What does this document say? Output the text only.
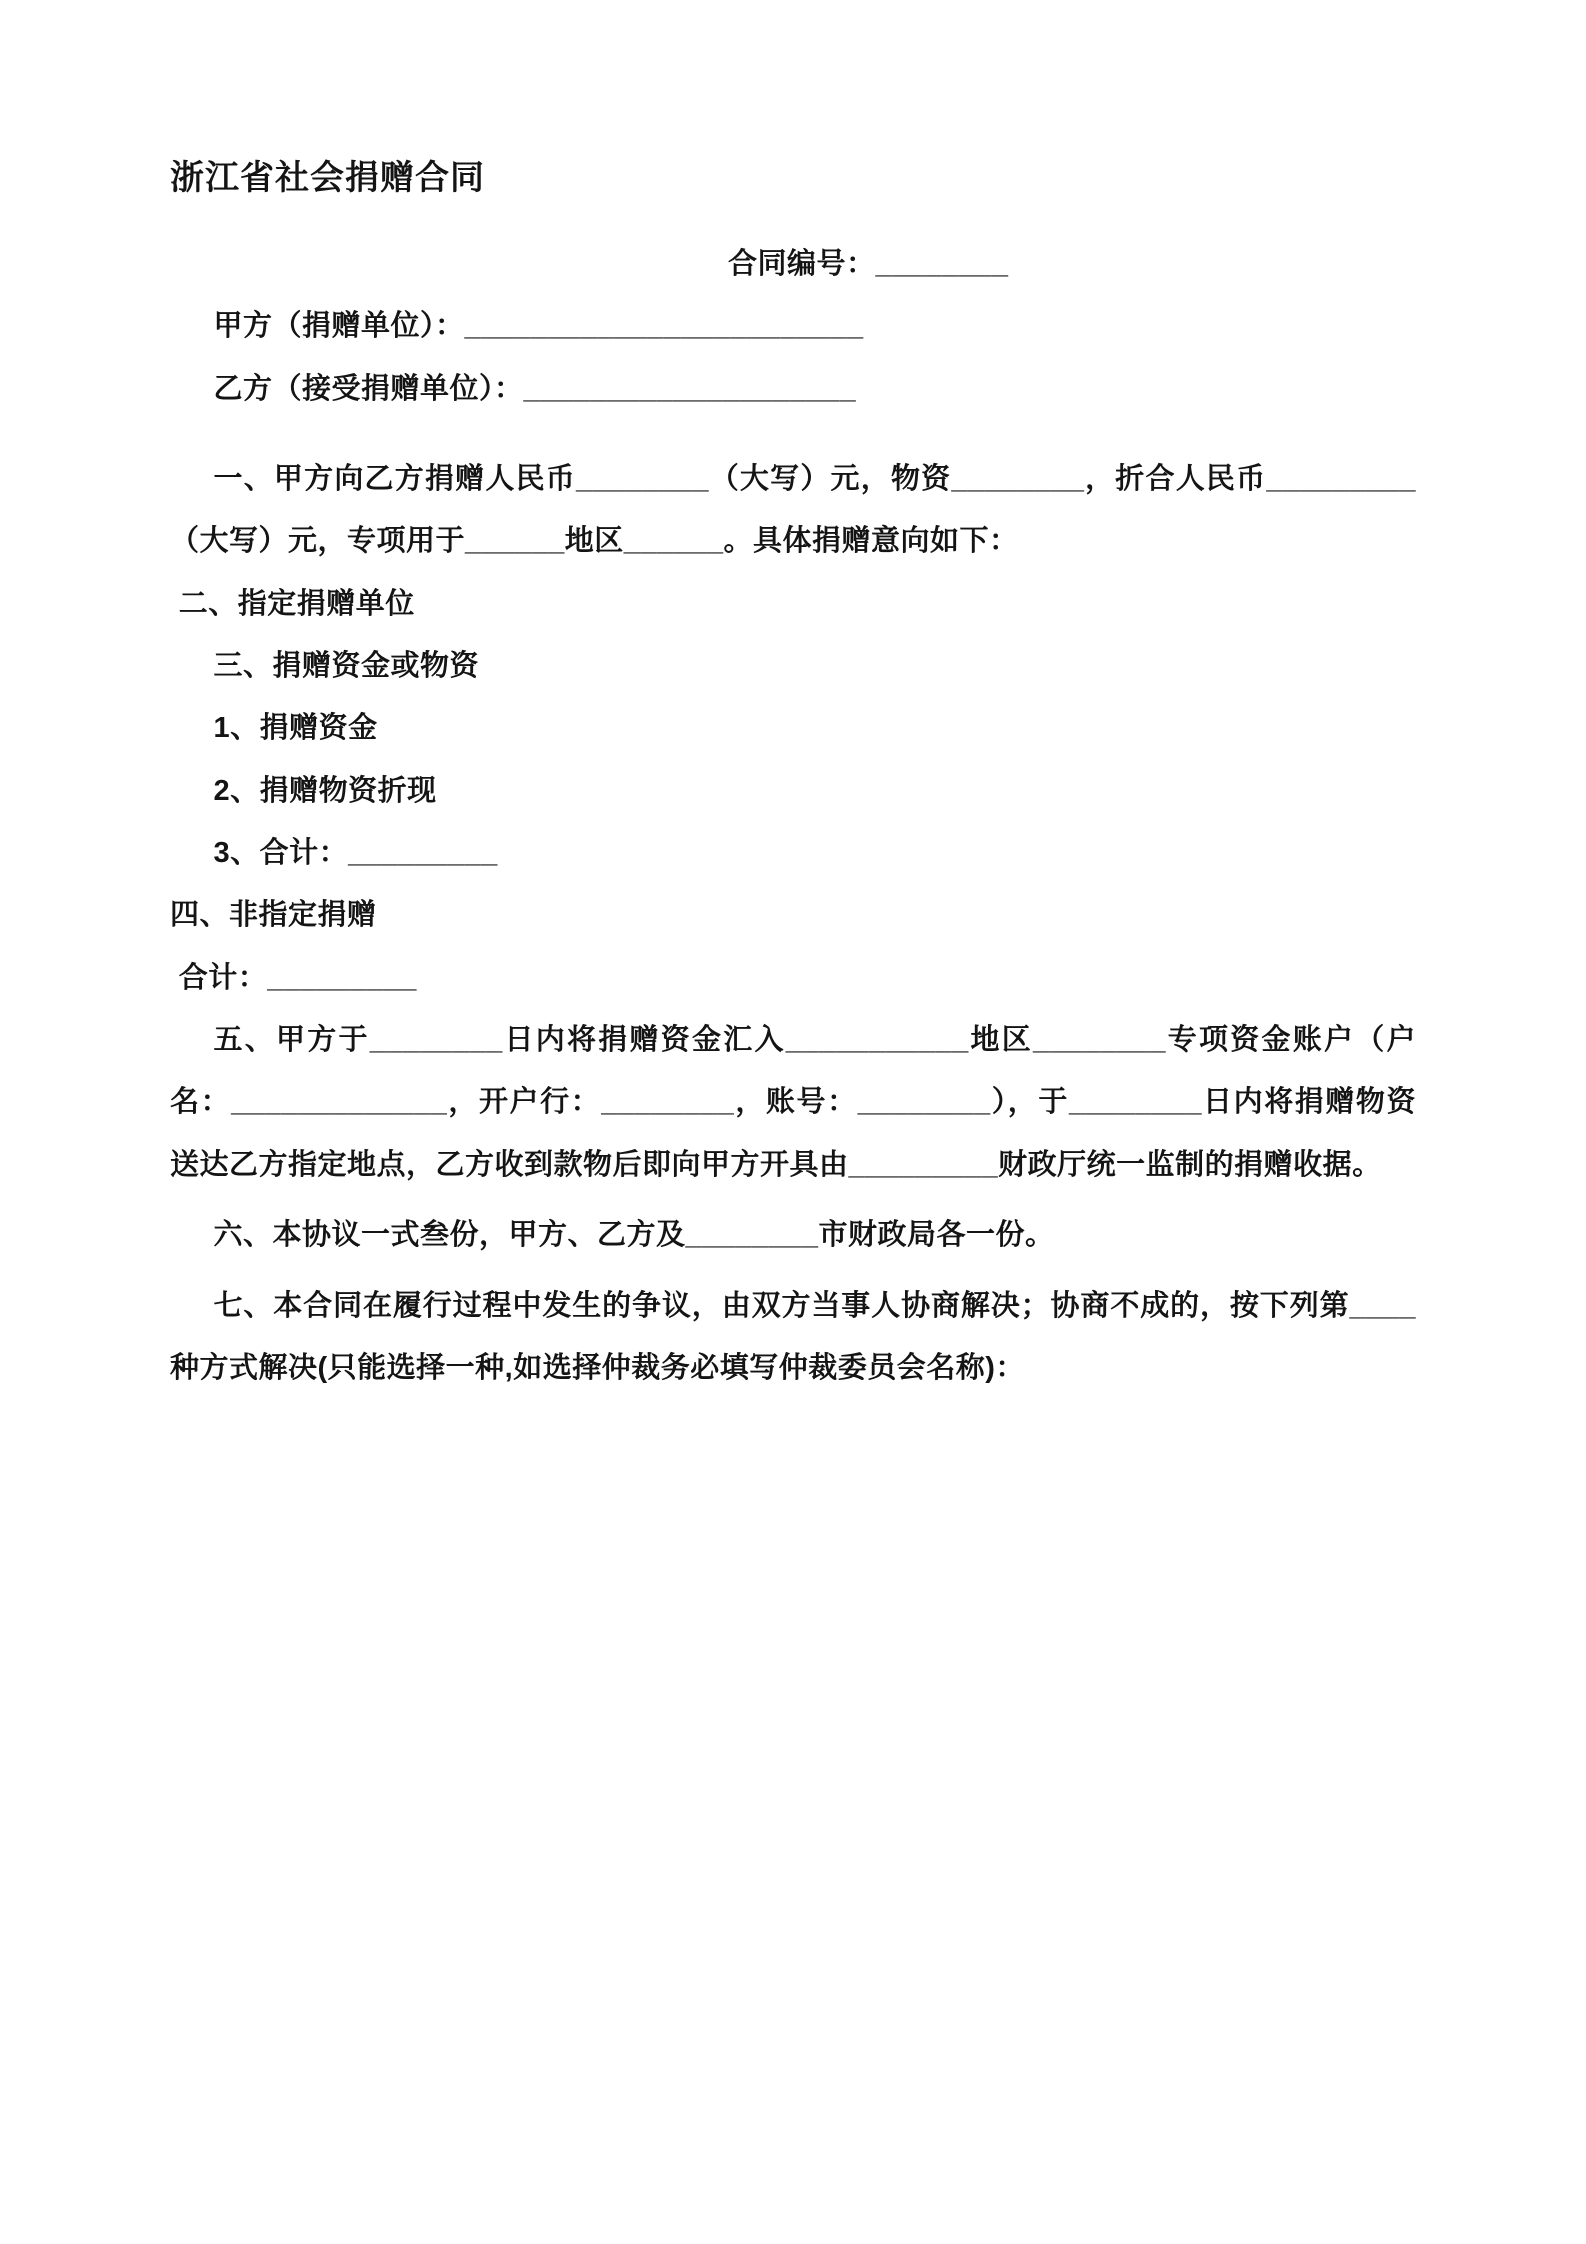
浙江省社会捐赠合同

合同编号：________

甲方（捐赠单位）：________________________

乙方（接受捐赠单位）：____________________

一、甲方向乙方捐赠人民币________（大写）元，物资________，折合人民币_________（大写）元，专项用于______地区______。具体捐赠意向如下：

二、指定捐赠单位

三、捐赠资金或物资

1、捐赠资金

2、捐赠物资折现

3、合计：_________

四、非指定捐赠

合计：_________

五、甲方于________日内将捐赠资金汇入___________地区________专项资金账户（户名：_____________，开户行：________，账号：________），于________日内将捐赠物资送达乙方指定地点，乙方收到款物后即向甲方开具由_________财政厅统一监制的捐赠收据。

六、本协议一式叁份，甲方、乙方及________市财政局各一份。

七、本合同在履行过程中发生的争议，由双方当事人协商解决；协商不成的，按下列第____种方式解决(只能选择一种,如选择仲裁务必填写仲裁委员会名称)：
